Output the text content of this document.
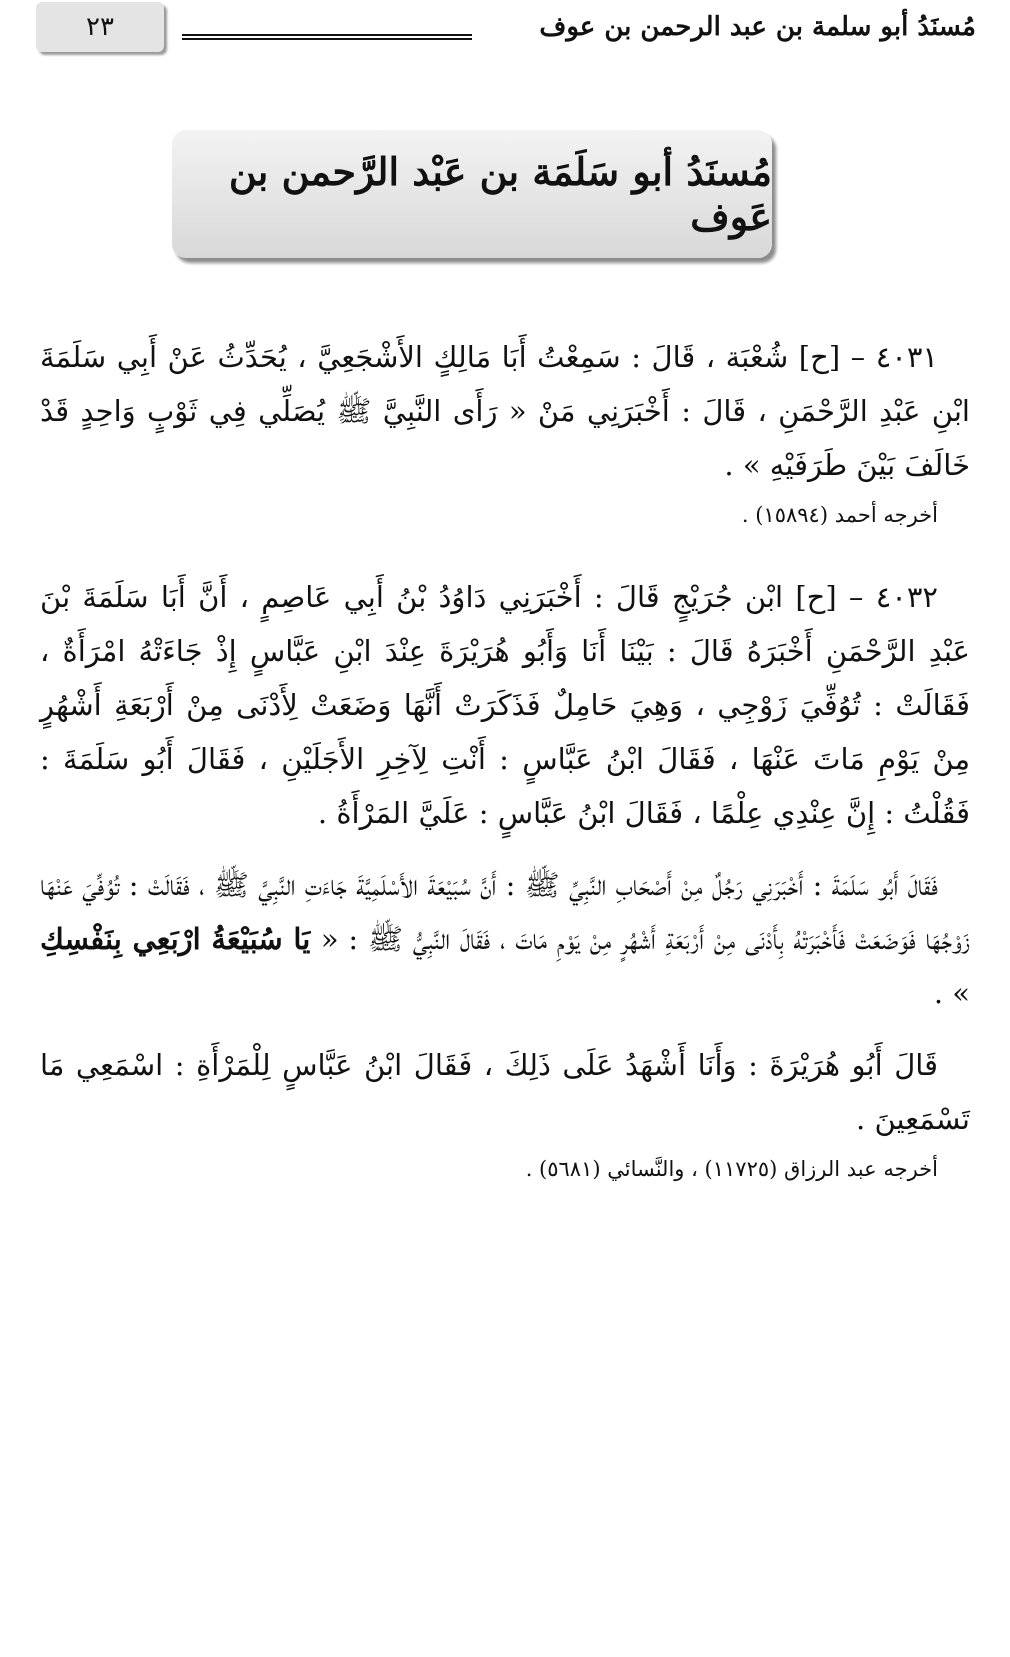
٢٣	مُسنَدُ أبو سلمة بن عبد الرحمن بن عوف
مُسنَدُ أبو سَلَمَة بن عَبْد الرَّحمن بن عَوف

٤٠٣١ – [ح] شُعْبَة ، قَالَ : سَمِعْتُ أَبَا مَالِكٍ الأَشْجَعِيَّ ، يُحَدِّثُ عَنْ أَبِي سَلَمَةَ ابْنِ عَبْدِ الرَّحْمَنِ ، قَالَ : أَخْبَرَنِي مَنْ « رَأَى النَّبِيَّ ﷺ يُصَلِّي فِي ثَوْبٍ وَاحِدٍ قَدْ خَالَفَ بَيْنَ طَرَفَيْهِ » .

أخرجه أحمد (١٥٨٩٤) .

٤٠٣٢ – [ح] ابْن جُرَيْجٍ قَالَ : أَخْبَرَنِي دَاوُدُ بْنُ أَبِي عَاصِمٍ ، أَنَّ أَبَا سَلَمَةَ بْنَ عَبْدِ الرَّحْمَنِ أَخْبَرَهُ قَالَ : بَيْنَا أَنَا وَأَبُو هُرَيْرَةَ عِنْدَ ابْنِ عَبَّاسٍ إِذْ جَاءَتْهُ امْرَأَةٌ ، فَقَالَتْ : تُوُفِّيَ زَوْجِي ، وَهِيَ حَامِلٌ فَذَكَرَتْ أَنَّهَا وَضَعَتْ لِأَدْنَى مِنْ أَرْبَعَةِ أَشْهُرٍ مِنْ يَوْمِ مَاتَ عَنْهَا ، فَقَالَ ابْنُ عَبَّاسٍ : أَنْتِ لِآخِرِ الأَجَلَيْنِ ، فَقَالَ أَبُو سَلَمَةَ : فَقُلْتُ : إِنَّ عِنْدِي عِلْمًا ، فَقَالَ ابْنُ عَبَّاسٍ : عَلَيَّ المَرْأَةُ .

فَقَالَ أَبُو سَلَمَةَ : أَخْبَرَنِي رَجُلٌ مِنْ أَصْحَابِ النَّبِيِّ ﷺ : أَنَّ سُبَيْعَةَ الأَسْلَمِيَّةَ جَاءَتِ النَّبِيَّ ﷺ ، فَقَالَتْ : تُوُفِّيَ عَنْهَا زَوْجُهَا فَوَضَعَتْ فَأَخْبَرَتْهُ بِأَدْنَى مِنْ أَرْبَعَةِ أَشْهُرٍ مِنْ يَوْمِ مَاتَ ، فَقَالَ النَّبِيُّ ﷺ : « يَا سُبَيْعَةُ ارْبَعِي بِنَفْسِكِ » .

قَالَ أَبُو هُرَيْرَةَ : وَأَنَا أَشْهَدُ عَلَى ذَلِكَ ، فَقَالَ ابْنُ عَبَّاسٍ لِلْمَرْأَةِ : اسْمَعِي مَا تَسْمَعِينَ .

أخرجه عبد الرزاق (١١٧٢٥) ، والنَّسائي (٥٦٨١) .
